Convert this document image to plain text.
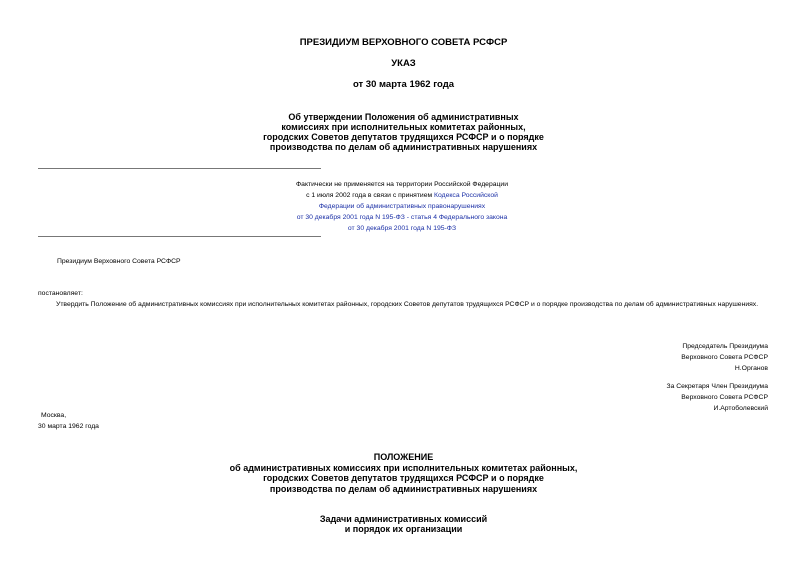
ПРЕЗИДИУМ ВЕРХОВНОГО СОВЕТА РСФСР
УКАЗ
от 30 марта 1962 года
Об утверждении Положения об административных
комиссиях при исполнительных комитетах районных,
городских Советов депутатов трудящихся РСФСР и о порядке
производства по делам об административных нарушениях
Фактически не применяется на территории Российской Федерации
с 1 июля 2002 года в связи с принятием Кодекса Российской
Федерации об административных правонарушениях
от 30 декабря 2001 года N 195-ФЗ - статья 4 Федерального закона
от 30 декабря 2001 года N 195-ФЗ
Президиум Верховного Совета РСФСР
постановляет:
Утвердить Положение об административных комиссиях при исполнительных комитетах районных, городских Советов депутатов трудящихся РСФСР и о порядке производства по делам об административных нарушениях.
Председатель Президиума
Верховного Совета РСФСР
Н.Органов
За Секретаря Член Президиума
Верховного Совета РСФСР
И.Артоболевский
Москва,
30 марта 1962 года
ПОЛОЖЕНИЕ
об административных комиссиях при исполнительных комитетах районных,
городских Советов депутатов трудящихся РСФСР и о порядке
производства по делам об административных нарушениях
Задачи административных комиссий
и порядок их организации
